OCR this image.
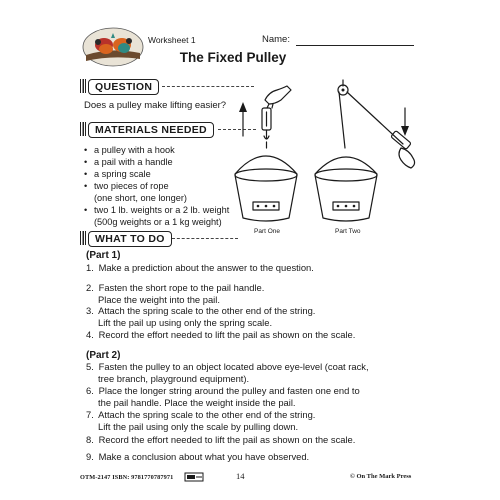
Worksheet 1	Name:
The Fixed Pulley
QUESTION
Does a pulley make lifting easier?
MATERIALS NEEDED
• a pulley with a hook
• a pail with a handle
• a spring scale
• two pieces of rope
(one short, one longer)
• two 1 lb. weights or a 2 lb. weight
(500g weights or a 1 kg weight)
Part One	Part Two
WHAT TO DO
(Part 1)
1. Make a prediction about the answer to the question.
2. Fasten the short rope to the pail handle.
Place the weight into the pail.
3. Attach the spring scale to the other end of the string.
Lift the pail up using only the spring scale.
4. Record the effort needed to lift the pail as shown on the scale.
(Part 2)
5. Fasten the pulley to an object located above eye-level (coat rack,
tree branch, playground equipment).
6. Place the longer string around the pulley and fasten one end to
the pail handle. Place the weight inside the pail.
7. Attach the spring scale to the other end of the string.
Lift the pail using only the scale by pulling down.
8. Record the effort needed to lift the pail as shown on the scale.
9. Make a conclusion about what you have observed.
OTM-2147 ISBN: 9781770787971	14	© On The Mark Press
